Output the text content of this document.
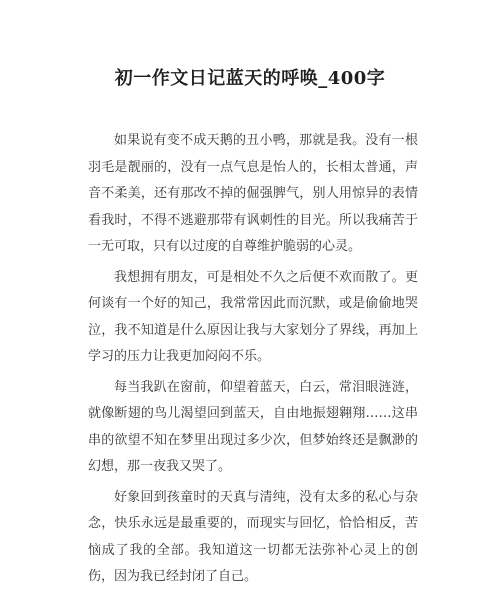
初一作文日记蓝天的呼唤_400字

如果说有变不成天鹅的丑小鸭，那就是我。没有一根羽毛是靓丽的，没有一点气息是怡人的，长相太普通，声音不柔美，还有那改不掉的倔强脾气，别人用惊异的表情看我时，不得不逃避那带有讽刺性的目光。所以我痛苦于一无可取，只有以过度的自尊维护脆弱的心灵。

我想拥有朋友，可是相处不久之后便不欢而散了。更何谈有一个好的知己，我常常因此而沉默，或是偷偷地哭泣，我不知道是什么原因让我与大家划分了界线，再加上学习的压力让我更加闷闷不乐。

每当我趴在窗前，仰望着蓝天，白云，常泪眼涟涟，就像断翅的鸟儿渴望回到蓝天，自由地振翅翱翔……这串串的欲望不知在梦里出现过多少次，但梦始终还是飘渺的幻想，那一夜我又哭了。

好象回到孩童时的天真与清纯，没有太多的私心与杂念，快乐永远是最重要的，而现实与回忆，恰恰相反，苦恼成了我的全部。我知道这一切都无法弥补心灵上的创伤，因为我已经封闭了自己。
